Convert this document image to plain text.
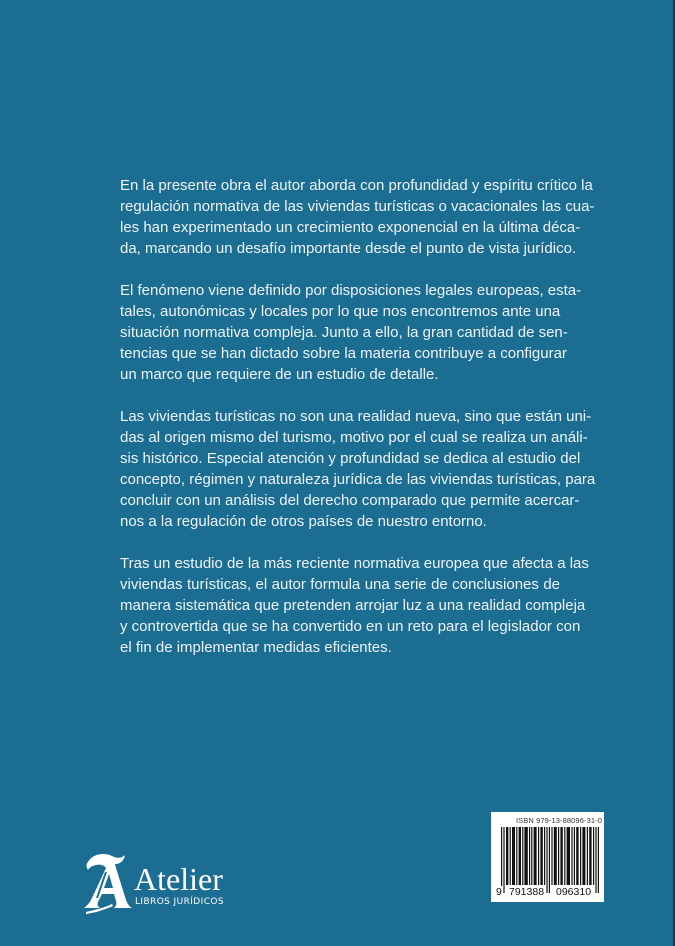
En la presente obra el autor aborda con profundidad y espíritu crítico la
regulación normativa de las viviendas turísticas o vacacionales las cua-
les han experimentado un crecimiento exponencial en la última déca-
da, marcando un desafío importante desde el punto de vista jurídico.

El fenómeno viene definido por disposiciones legales europeas, esta-
tales, autonómicas y locales por lo que nos encontremos ante una
situación normativa compleja. Junto a ello, la gran cantidad de sen-
tencias que se han dictado sobre la materia contribuye a configurar
un marco que requiere de un estudio de detalle.

Las viviendas turísticas no son una realidad nueva, sino que están uni-
das al origen mismo del turismo, motivo por el cual se realiza un análi-
sis histórico. Especial atención y profundidad se dedica al estudio del
concepto, régimen y naturaleza jurídica de las viviendas turísticas, para
concluir con un análisis del derecho comparado que permite acercar-
nos a la regulación de otros países de nuestro entorno.

Tras un estudio de la más reciente normativa europea que afecta a las
viviendas turísticas, el autor formula una serie de conclusiones de
manera sistemática que pretenden arrojar luz a una realidad compleja
y controvertida que se ha convertido en un reto para el legislador con
el fin de implementar medidas eficientes.

ISBN 979-13-88096-31-0
9 791388 096310
Atelier
LIBROS JURÍDICOS
